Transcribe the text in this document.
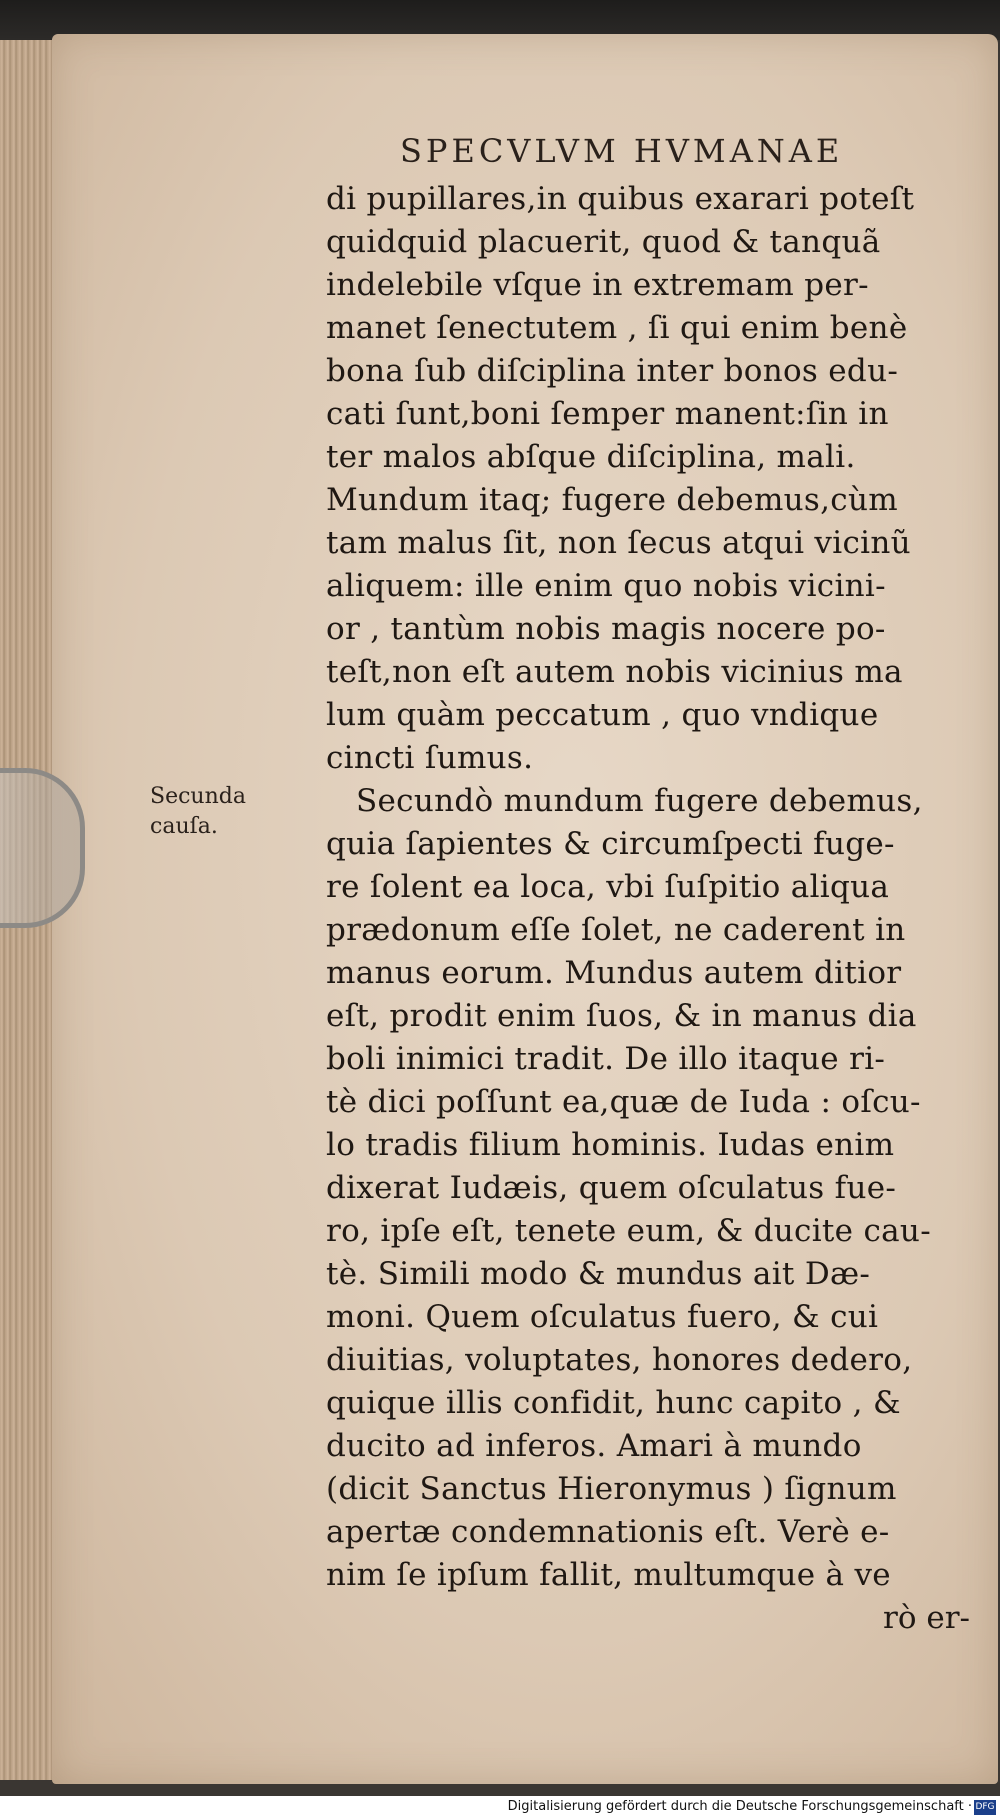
SPECVLVM HVMANAE
Secunda
cauſa.
di pupillares,in quibus exarari poteſt
quidquid placuerit, quod & tanquã
indelebile vſque in extremam per-
manet ſenectutem , ſi qui enim benè
bona ſub diſciplina inter bonos edu-
cati ſunt,boni ſemper manent:ſin in
ter malos abſque diſciplina, mali.
Mundum itaq; fugere debemus,cùm
tam malus ſit, non ſecus atqui vicinũ
aliquem: ille enim quo nobis vicini-
or , tantùm nobis magis nocere po-
teſt,non eſt autem nobis vicinius ma
lum quàm peccatum , quo vndique
cincti ſumus.
Secundò mundum fugere debemus,
quia ſapientes & circumſpecti fuge-
re ſolent ea loca, vbi ſuſpitio aliqua
prædonum eſſe ſolet, ne caderent in
manus eorum. Mundus autem ditior
eſt, prodit enim ſuos, & in manus dia
boli inimici tradit. De illo itaque ri-
tè dici poſſunt ea,quæ de Iuda : oſcu-
lo tradis filium hominis. Iudas enim
dixerat Iudæis, quem oſculatus fue-
ro, ipſe eſt, tenete eum, & ducite cau-
tè. Simili modo & mundus ait Dæ-
moni. Quem oſculatus fuero, & cui
diuitias, voluptates, honores dedero,
quique illis confidit, hunc capito , &
ducito ad inferos. Amari à mundo
(dicit Sanctus Hieronymus ) ſignum
apertæ condemnationis eſt. Verè e-
nim ſe ipſum fallit, multumque à ve
rò er-
Digitalisierung gefördert durch die Deutsche Forschungsgemeinschaft · DFG
